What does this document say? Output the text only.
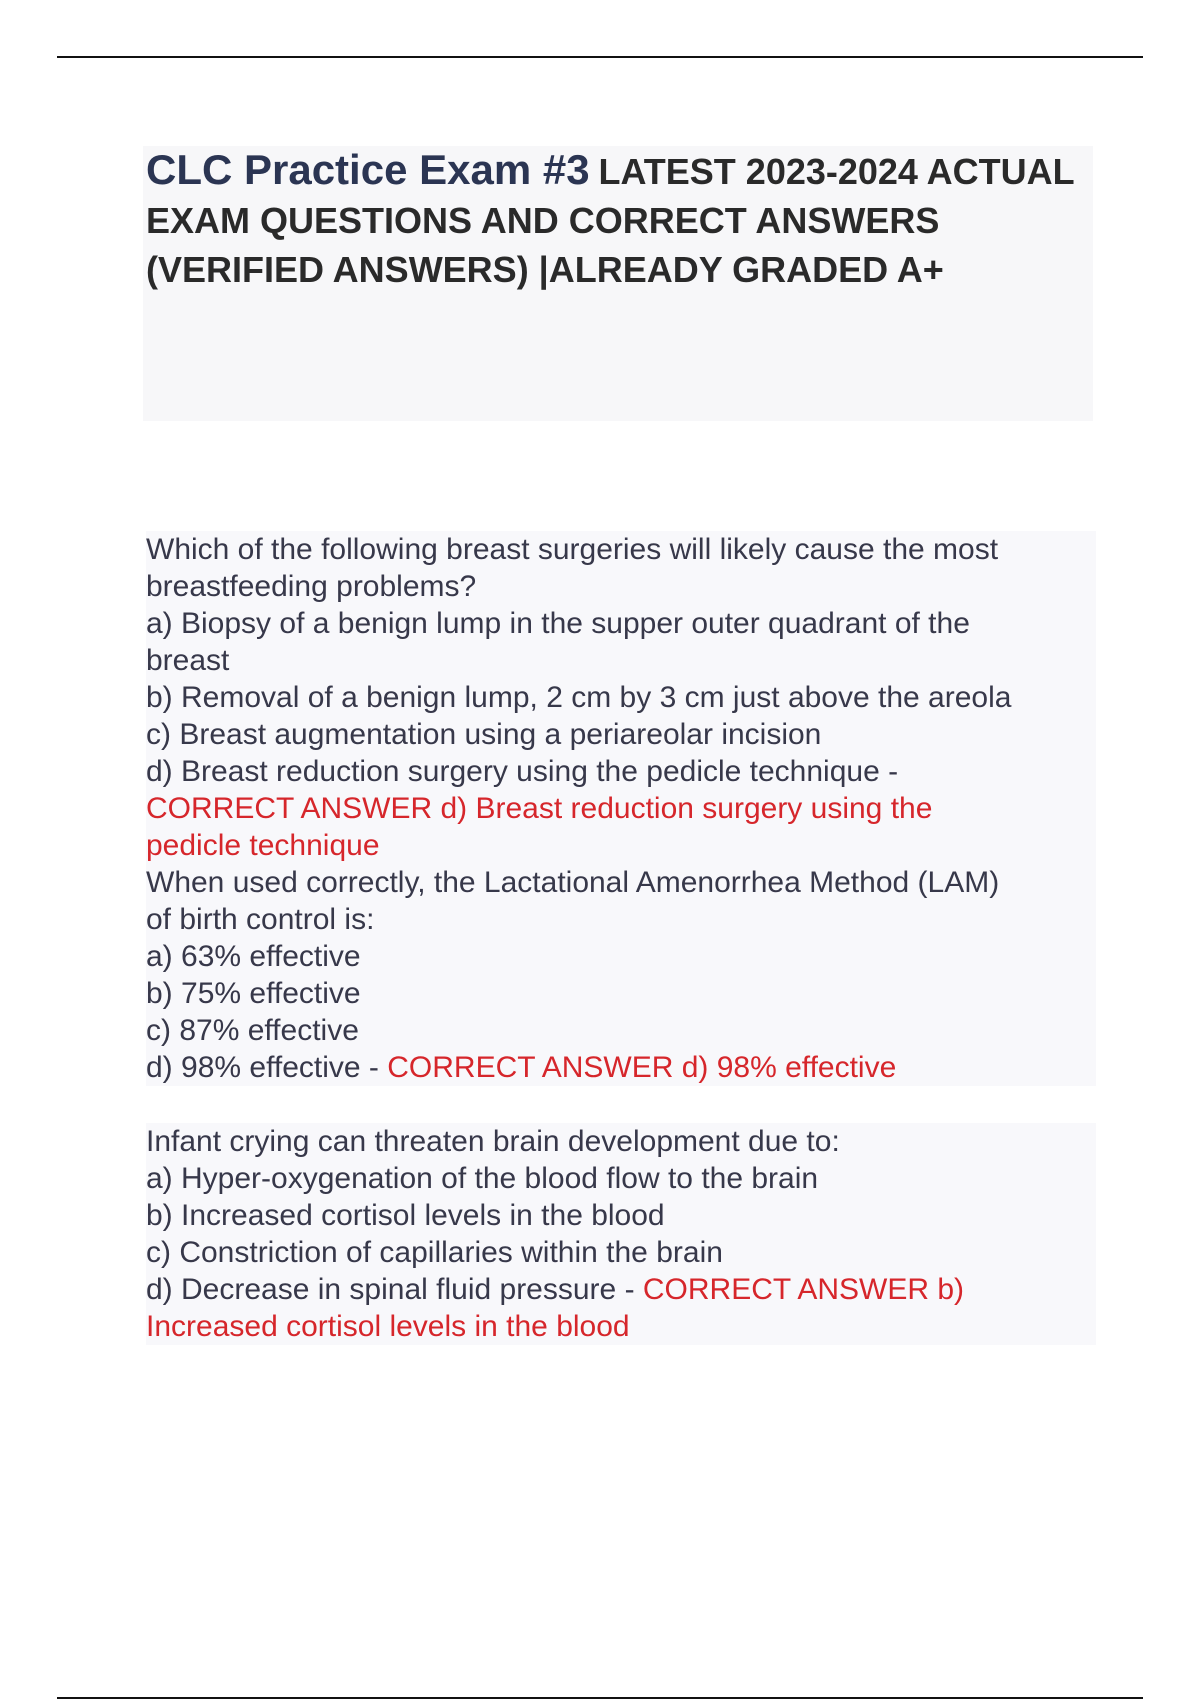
CLC Practice Exam #3 LATEST 2023-2024 ACTUAL EXAM QUESTIONS AND CORRECT ANSWERS (VERIFIED ANSWERS) |ALREADY GRADED A+
Which of the following breast surgeries will likely cause the most
breastfeeding problems?
a) Biopsy of a benign lump in the supper outer quadrant of the
breast
b) Removal of a benign lump, 2 cm by 3 cm just above the areola
c) Breast augmentation using a periareolar incision
d) Breast reduction surgery using the pedicle technique -
CORRECT ANSWER d) Breast reduction surgery using the
pedicle technique
When used correctly, the Lactational Amenorrhea Method (LAM)
of birth control is:
a) 63% effective
b) 75% effective
c) 87% effective
d) 98% effective - CORRECT ANSWER d) 98% effective
Infant crying can threaten brain development due to:
a) Hyper-oxygenation of the blood flow to the brain
b) Increased cortisol levels in the blood
c) Constriction of capillaries within the brain
d) Decrease in spinal fluid pressure - CORRECT ANSWER b)
Increased cortisol levels in the blood
